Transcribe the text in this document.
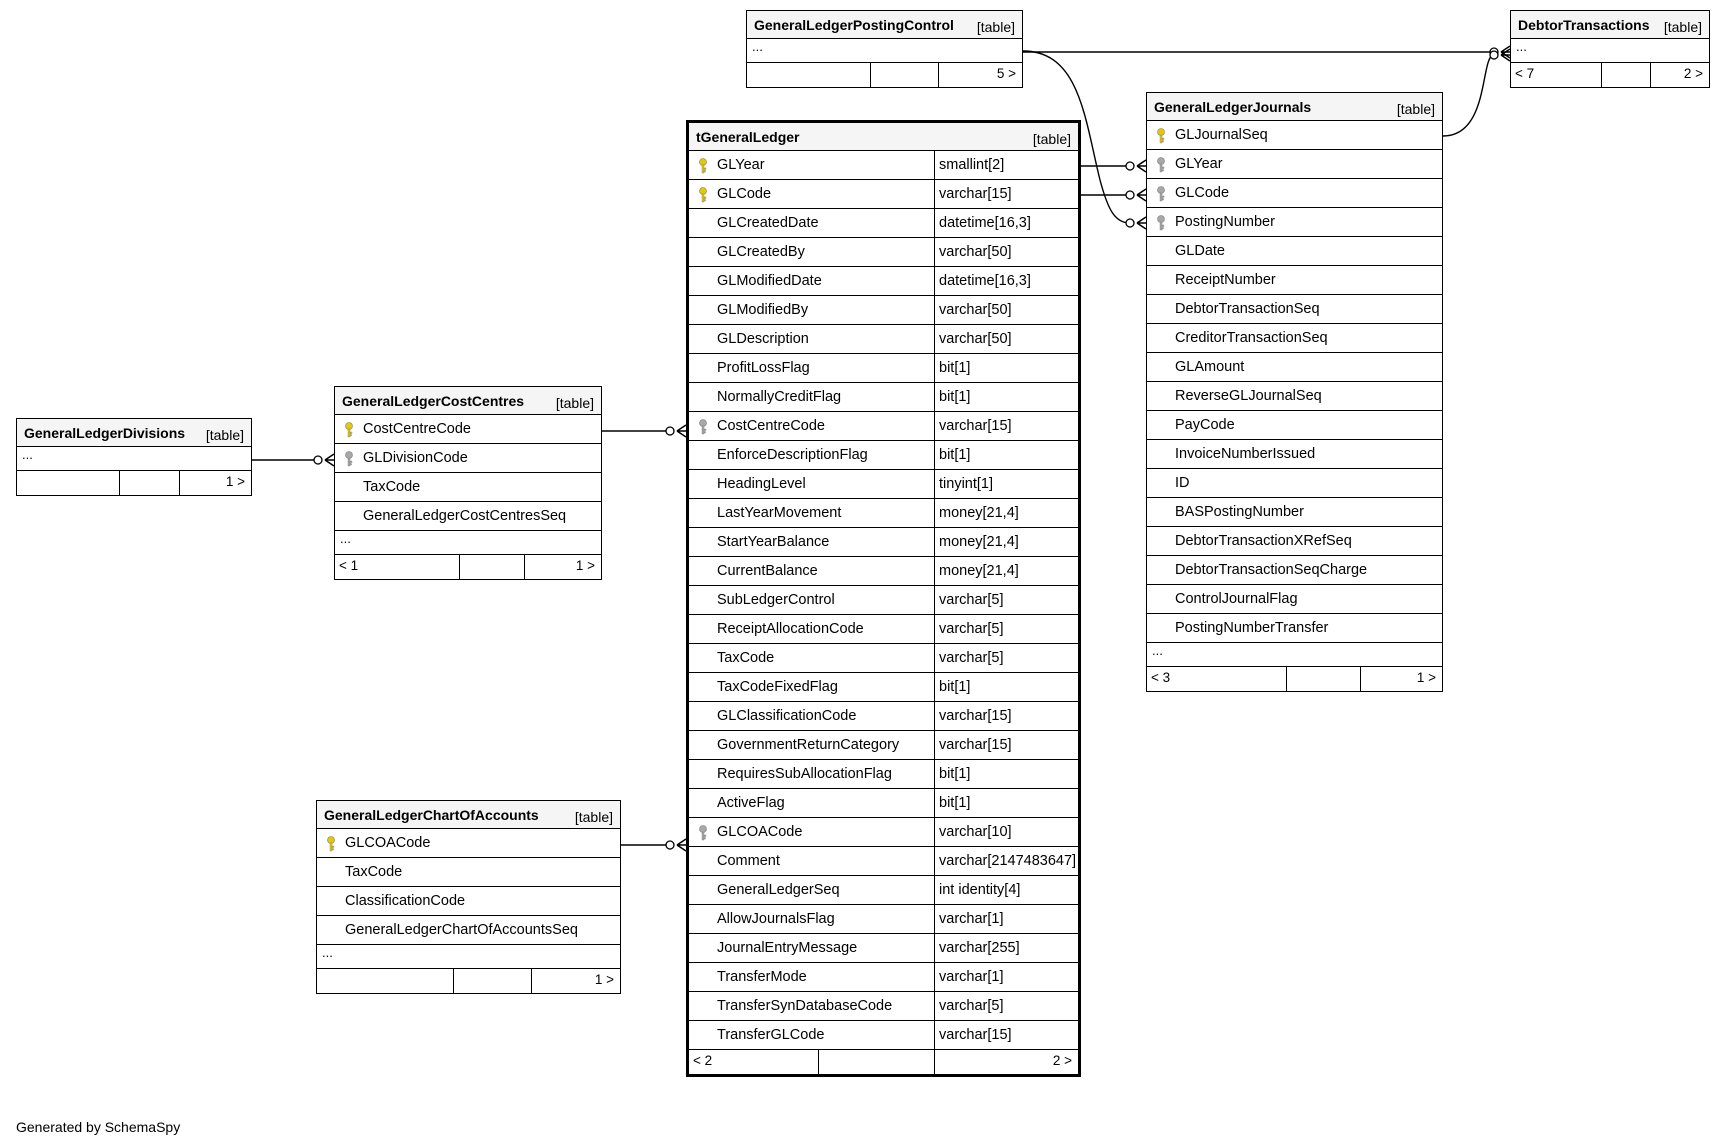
GeneralLedgerPostingControl [table]
...
5 >
DebtorTransactions [table]
...
< 7	2 >
GeneralLedgerDivisions [table]
...
1 >
GeneralLedgerCostCentres [table]
CostCentreCode
GLDivisionCode
TaxCode
GeneralLedgerCostCentresSeq
...
< 1	1 >
GeneralLedgerChartOfAccounts	[table]
GLCOACode
TaxCode
ClassificationCode
GeneralLedgerChartOfAccountsSeq
...
1 >
tGeneralLedger	[table]
GLYear	smallint[2]
GLCode	varchar[15]
GLCreatedDate	datetime[16,3]
GLCreatedBy	varchar[50]
GLModifiedDate	datetime[16,3]
GLModifiedBy	varchar[50]
GLDescription	varchar[50]
ProfitLossFlag	bit[1]
NormallyCreditFlag	bit[1]
CostCentreCode	varchar[15]
EnforceDescriptionFlag	bit[1]
HeadingLevel	tinyint[1]
LastYearMovement	money[21,4]
StartYearBalance	money[21,4]
CurrentBalance	money[21,4]
SubLedgerControl	varchar[5]
ReceiptAllocationCode	varchar[5]
TaxCode	varchar[5]
TaxCodeFixedFlag	bit[1]
GLClassificationCode	varchar[15]
GovernmentReturnCategory	varchar[15]
RequiresSubAllocationFlag	bit[1]
ActiveFlag	bit[1]
GLCOACode	varchar[10]
Comment	varchar[2147483647]
GeneralLedgerSeq	int identity[4]
AllowJournalsFlag	varchar[1]
JournalEntryMessage	varchar[255]
TransferMode	varchar[1]
TransferSynDatabaseCode	varchar[5]
TransferGLCode	varchar[15]
< 2	2 >
GeneralLedgerJournals	[table]
GLJournalSeq
GLYear
GLCode
PostingNumber
GLDate
ReceiptNumber
DebtorTransactionSeq
CreditorTransactionSeq
GLAmount
ReverseGLJournalSeq
PayCode
InvoiceNumberIssued
ID
BASPostingNumber
DebtorTransactionXRefSeq
DebtorTransactionSeqCharge
ControlJournalFlag
PostingNumberTransfer
...
< 3	1 >
Generated by SchemaSpy
